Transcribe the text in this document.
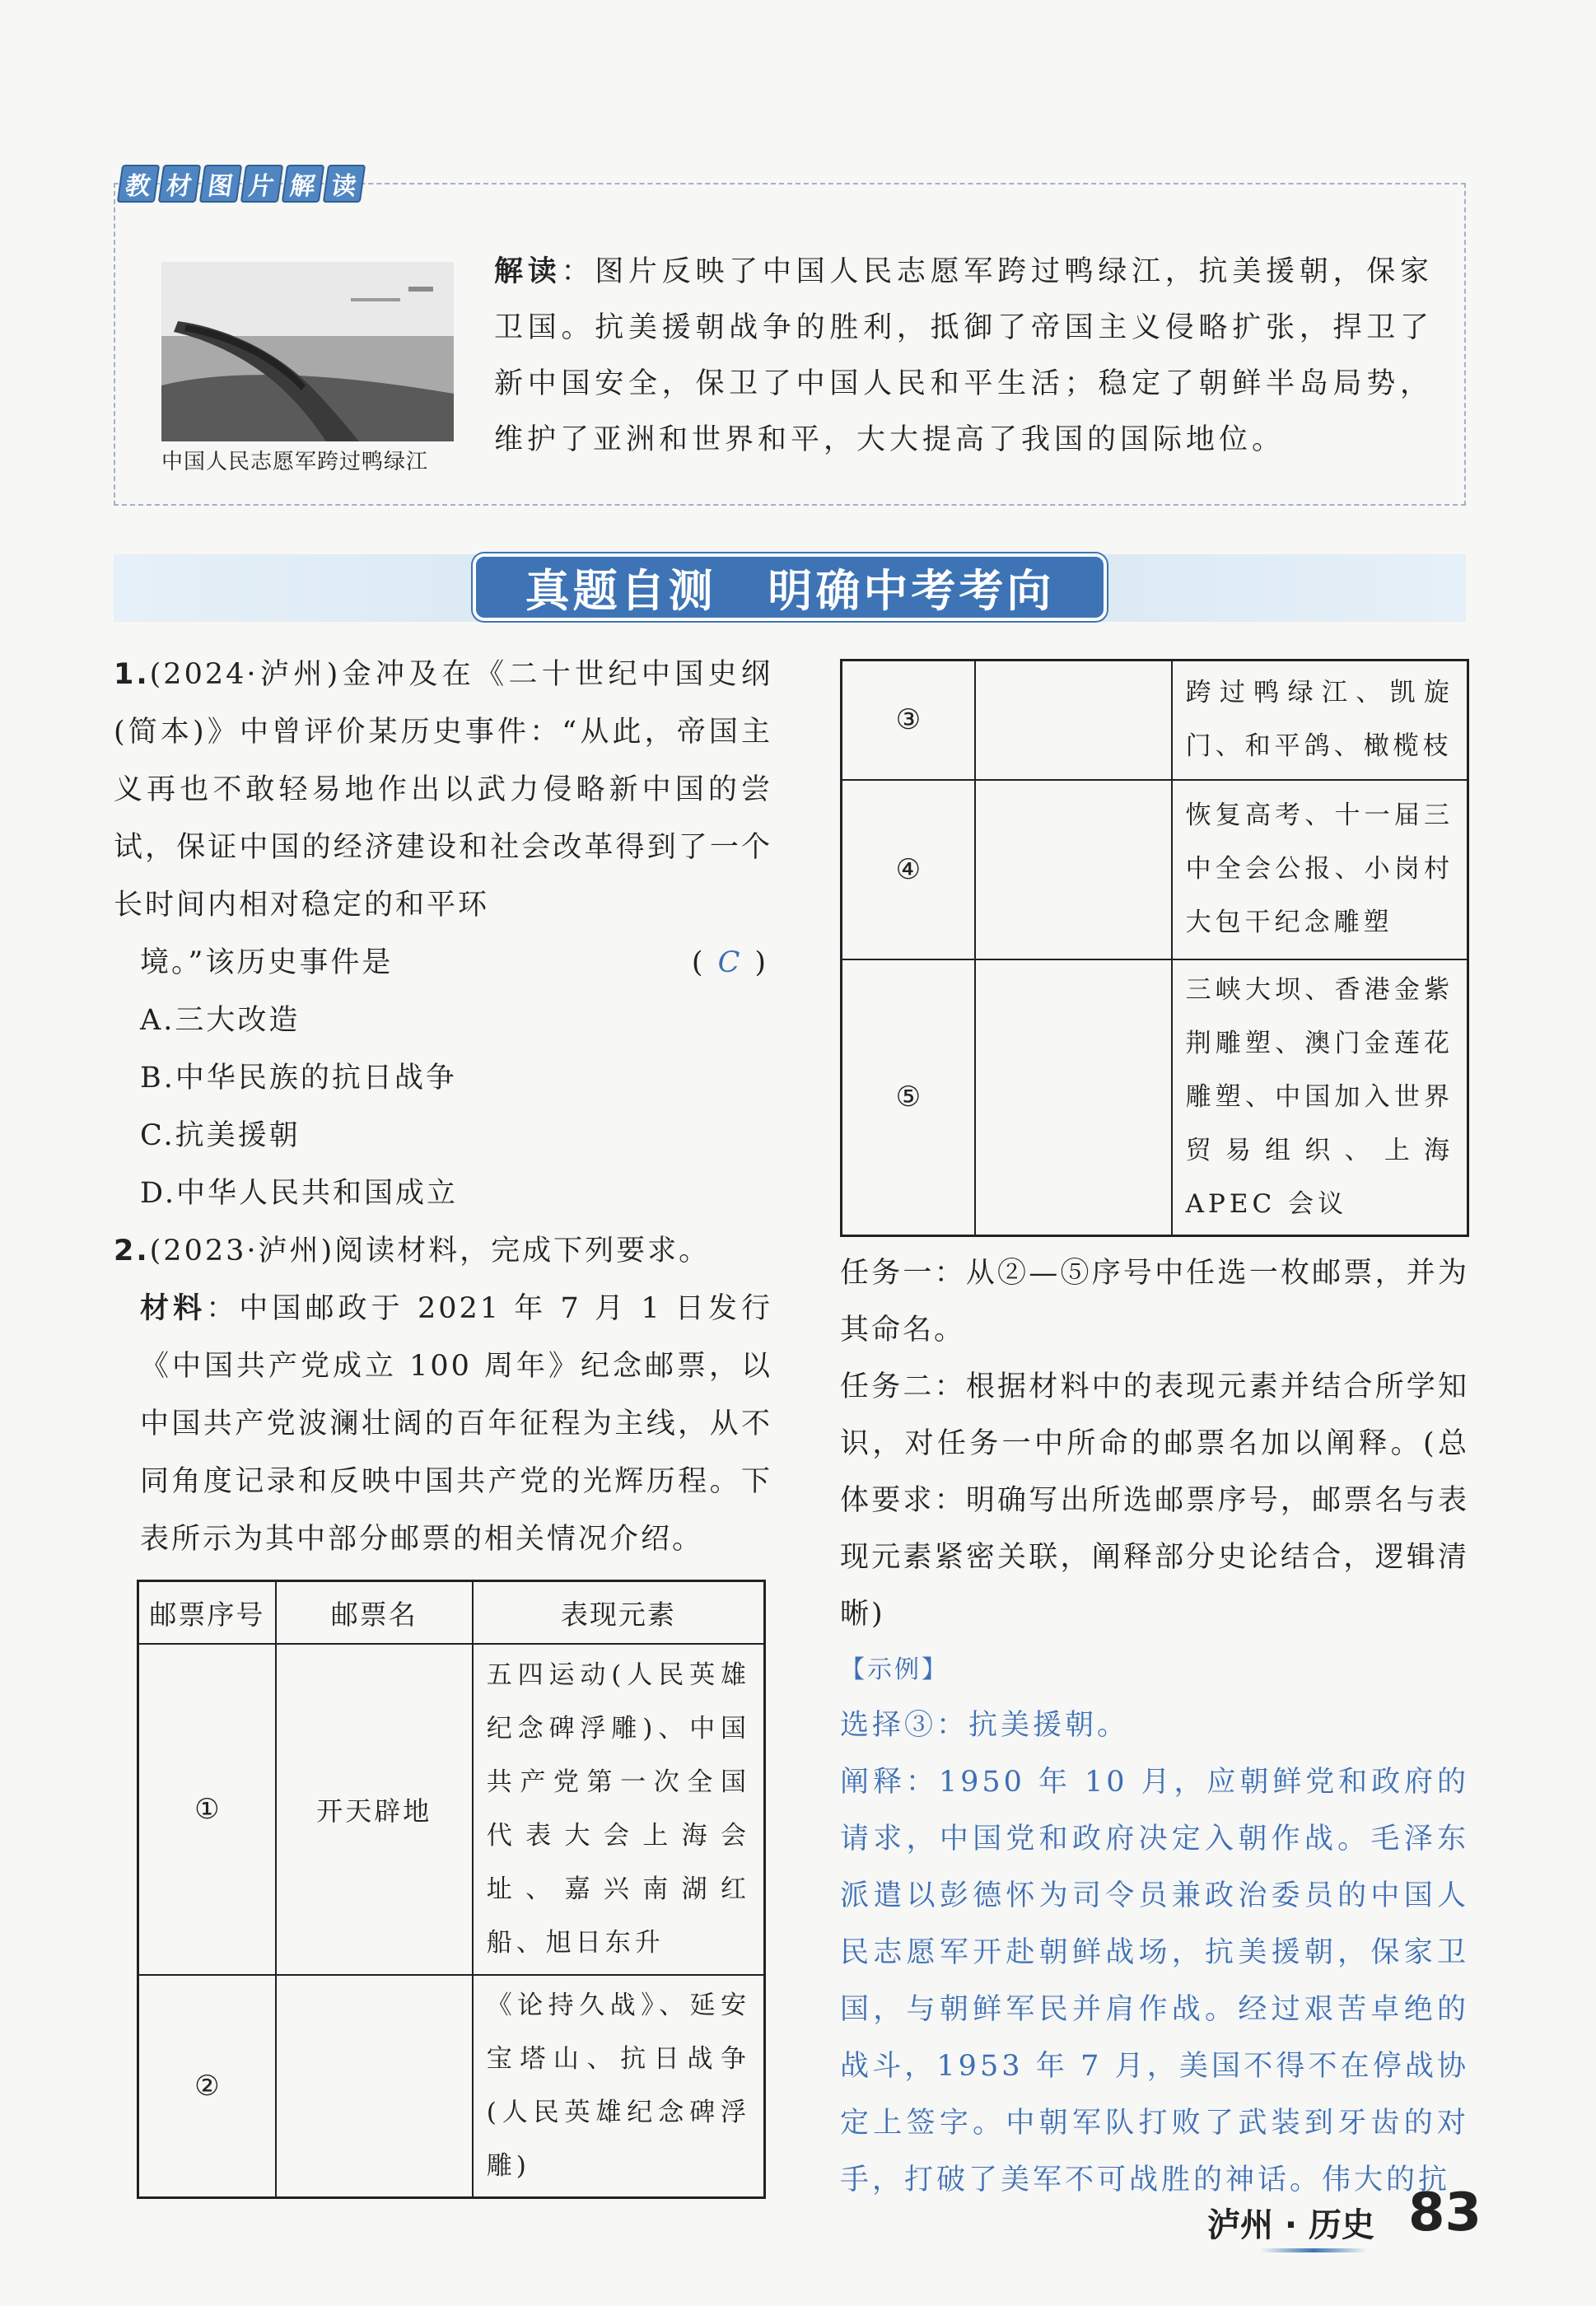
教 材 图 片 解 读
中国人民志愿军跨过鸭绿江
解读：图片反映了中国人民志愿军跨过鸭绿江，抗美援朝，保家卫国。抗美援朝战争的胜利，抵御了帝国主义侵略扩张，捍卫了新中国安全，保卫了中国人民和平生活；稳定了朝鲜半岛局势，维护了亚洲和世界和平，大大提高了我国的国际地位。
真题自测 明确中考考向

1.(2024·泸州)金冲及在《二十世纪中国史纲(简本)》中曾评价某历史事件：“从此，帝国主义再也不敢轻易地作出以武力侵略新中国的尝试，保证中国的经济建设和社会改革得到了一个长时间内相对稳定的和平环

境。”该历史事件是	( C )

A.三大改造

B.中华民族的抗日战争

C.抗美援朝

D.中华人民共和国成立

2.(2023·泸州)阅读材料，完成下列要求。

材料：中国邮政于 2021 年 7 月 1 日发行《中国共产党成立 100 周年》纪念邮票，以中国共产党波澜壮阔的百年征程为主线，从不同角度记录和反映中国共产党的光辉历程。下表所示为其中部分邮票的相关情况介绍。

邮票序号	邮票名	表现元素
①	开天辟地	五四运动(人民英雄纪念碑浮雕)、中国共产党第一次全国代表大会上海会址、嘉兴南湖红船、旭日东升
②		《论持久战》、延安宝塔山、抗日战争(人民英雄纪念碑浮雕)
③		跨过鸭绿江、凯旋门、和平鸽、橄榄枝
④		恢复高考、十一届三中全会公报、小岗村大包干纪念雕塑
⑤		三峡大坝、香港金紫荆雕塑、澳门金莲花雕塑、中国加入世界贸易组织、上海 APEC 会议

任务一：从②—⑤序号中任选一枚邮票，并为其命名。

任务二：根据材料中的表现元素并结合所学知识，对任务一中所命的邮票名加以阐释。(总体要求：明确写出所选邮票序号，邮票名与表现元素紧密关联，阐释部分史论结合，逻辑清晰)

【示例】

选择③：抗美援朝。

阐释：1950 年 10 月，应朝鲜党和政府的请求，中国党和政府决定入朝作战。毛泽东派遣以彭德怀为司令员兼政治委员的中国人民志愿军开赴朝鲜战场，抗美援朝，保家卫国，与朝鲜军民并肩作战。经过艰苦卓绝的战斗，1953 年 7 月，美国不得不在停战协定上签字。中朝军队打败了武装到牙齿的对手，打破了美军不可战胜的神话。伟大的抗

泸州 · 历史 83
